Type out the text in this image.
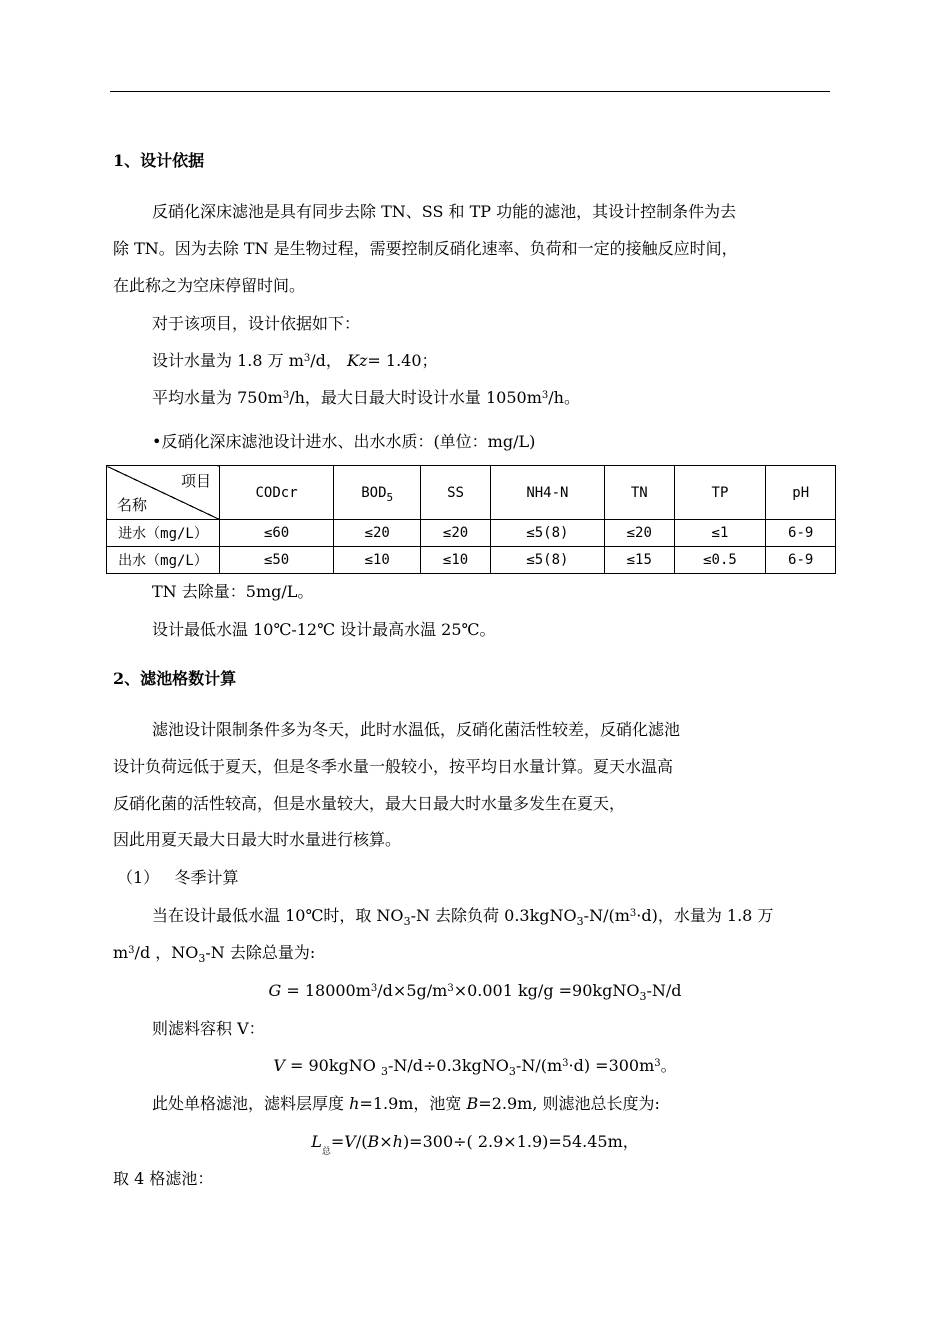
1、设计依据
反硝化深床滤池是具有同步去除 TN、SS 和 TP 功能的滤池，其设计控制条件为去
除 TN。因为去除 TN 是生物过程，需要控制反硝化速率、负荷和一定的接触反应时间，
在此称之为空床停留时间。
对于该项目，设计依据如下：
设计水量为 1.8 万 $m^3/d$， Kz= 1.40；
平均水量为 $750m^3/h$，最大日最大时设计水量 $1050m^3/h$。
•反硝化深床滤池设计进水、出水水质：(单位：mg/L)
项目
名称	CODcr	$BOD_5$	SS	NH4-N	TN	TP	pH
进水（mg/L）	≤60	≤20	≤20	≤5(8)	≤20	≤1	6-9
出水（mg/L）	≤50	≤10	≤10	≤5(8)	≤15	≤0.5	6-9
TN 去除量：5mg/L。
设计最低水温 10℃-12℃ 设计最高水温 25℃。
2、滤池格数计算
滤池设计限制条件多为冬天，此时水温低，反硝化菌活性较差，反硝化滤池
设计负荷远低于夏天，但是冬季水量一般较小，按平均日水量计算。夏天水温高
反硝化菌的活性较高，但是水量较大，最大日最大时水量多发生在夏天，
因此用夏天最大日最大时水量进行核算。
（1） 冬季计算
当在设计最低水温 10℃时，取 $NO_3-N$ 去除负荷 $0.3kgNO_3-N/(m^3\cdot d)$，水量为 1.8 万
$m^3/d$ ，$NO_3-N$ 去除总量为:
$G = 18000m^3/d\times 5g/m^3\times 0.001$ kg/g =90kgNO$_3$-N/d
则滤料容积 V：
V = 90kgNO $_3-N/d\div 0.3kgNO_3-N/(m^3\cdot d) =300m^3$。
此处单格滤池，滤料层厚度 h=1.9m，池宽 B=2.9m, 则滤池总长度为:
$L_总=V/(B\times h)=300\div$( 2.9×1.9)=54.45m，
取 4 格滤池：
